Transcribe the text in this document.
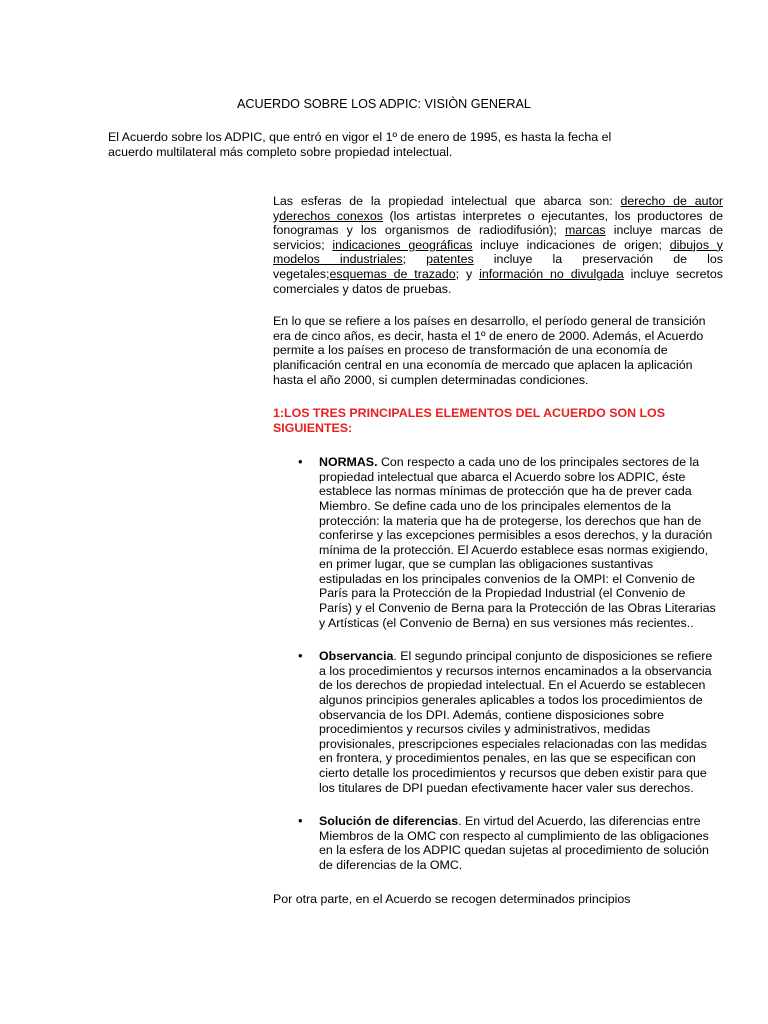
ACUERDO SOBRE LOS ADPIC: VISIÒN GENERAL

El Acuerdo sobre los ADPIC, que entró en vigor el 1º de enero de 1995, es hasta la fecha el

acuerdo multilateral más completo sobre propiedad intelectual.

Las esferas de la propiedad intelectual que abarca son: derecho de autor yderechos conexos (los artistas interpretes o ejecutantes, los productores de fonogramas y los organismos de radiodifusión); marcas incluye marcas de servicios; indicaciones geográficas incluye indicaciones de origen; dibujos y modelos industriales; patentes incluye la preservación de los vegetales;esquemas de trazado; y información no divulgada incluye secretos comerciales y datos de pruebas.

En lo que se refiere a los países en desarrollo, el período general de transición
era de cinco años, es decir, hasta el 1º de enero de 2000. Además, el Acuerdo
permite a los países en proceso de transformación de una economía de
planificación central en una economía de mercado que aplacen la aplicación
hasta el año 2000, si cumplen determinadas condiciones.

1:LOS TRES PRINCIPALES ELEMENTOS DEL ACUERDO SON LOS
SIGUIENTES:
• NORMAS. Con respecto a cada uno de los principales sectores de la
propiedad intelectual que abarca el Acuerdo sobre los ADPIC, éste
establece las normas mínimas de protección que ha de prever cada
Miembro. Se define cada uno de los principales elementos de la
protección: la materia que ha de protegerse, los derechos que han de
conferirse y las excepciones permisibles a esos derechos, y la duración
mínima de la protección. El Acuerdo establece esas normas exigiendo,
en primer lugar, que se cumplan las obligaciones sustantivas
estipuladas en los principales convenios de la OMPI: el Convenio de
París para la Protección de la Propiedad Industrial (el Convenio de
París) y el Convenio de Berna para la Protección de las Obras Literarias
y Artísticas (el Convenio de Berna) en sus versiones más recientes..
• Observancia. El segundo principal conjunto de disposiciones se refiere
a los procedimientos y recursos internos encaminados a la observancia
de los derechos de propiedad intelectual. En el Acuerdo se establecen
algunos principios generales aplicables a todos los procedimientos de
observancia de los DPI. Además, contiene disposiciones sobre
procedimientos y recursos civiles y administrativos, medidas
provisionales, prescripciones especiales relacionadas con las medidas
en frontera, y procedimientos penales, en las que se especifican con
cierto detalle los procedimientos y recursos que deben existir para que
los titulares de DPI puedan efectivamente hacer valer sus derechos.
• Solución de diferencias. En virtud del Acuerdo, las diferencias entre
Miembros de la OMC con respecto al cumplimiento de las obligaciones
en la esfera de los ADPIC quedan sujetas al procedimiento de solución
de diferencias de la OMC.

Por otra parte, en el Acuerdo se recogen determinados principios
